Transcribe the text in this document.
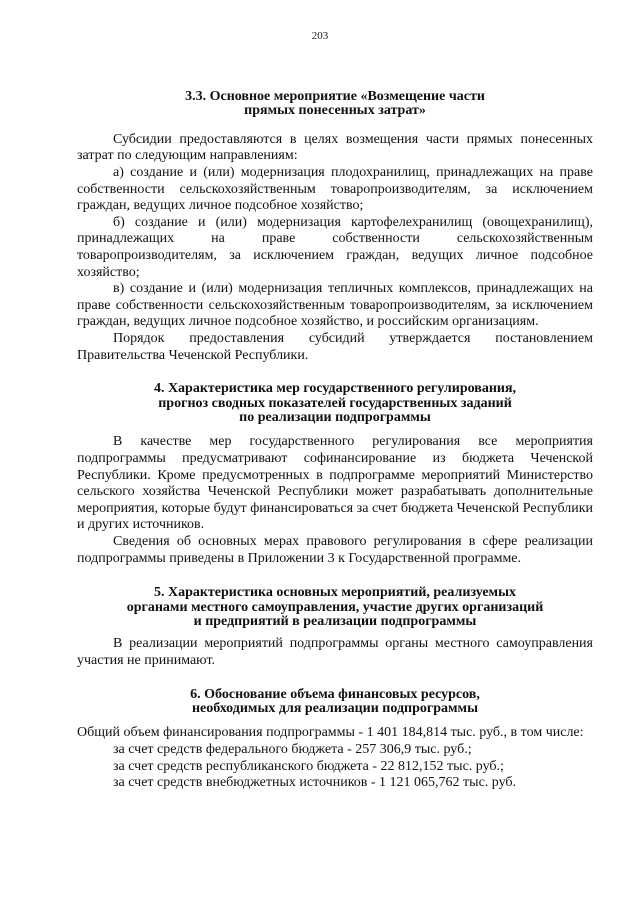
203
3.3. Основное мероприятие «Возмещение части
прямых понесенных затрат»

Субсидии предоставляются в целях возмещения части прямых понесенных затрат по следующим направлениям:

а) создание и (или) модернизация плодохранилищ, принадлежащих на праве собственности сельскохозяйственным товаропроизводителям, за исключением граждан, ведущих личное подсобное хозяйство;

б) создание и (или) модернизация картофелехранилищ (овощехранилищ), принадлежащих на праве собственности сельскохозяйственным товаропроизводителям, за исключением граждан, ведущих личное подсобное хозяйство;

в) создание и (или) модернизация тепличных комплексов, принадлежащих на праве собственности сельскохозяйственным товаропроизводителям, за исключением граждан, ведущих личное подсобное хозяйство, и российским организациям.

Порядок предоставления субсидий утверждается постановлением Правительства Чеченской Республики.

4. Характеристика мер государственного регулирования,
прогноз сводных показателей государственных заданий
по реализации подпрограммы

В качестве мер государственного регулирования все мероприятия подпрограммы предусматривают софинансирование из бюджета Чеченской Республики. Кроме предусмотренных в подпрограмме мероприятий Министерство сельского хозяйства Чеченской Республики может разрабатывать дополнительные мероприятия, которые будут финансироваться за счет бюджета Чеченской Республики и других источников.

Сведения об основных мерах правового регулирования в сфере реализации подпрограммы приведены в Приложении 3 к Государственной программе.

5. Характеристика основных мероприятий, реализуемых
органами местного самоуправления, участие других организаций
и предприятий в реализации подпрограммы

В реализации мероприятий подпрограммы органы местного самоуправления участия не принимают.

6. Обоснование объема финансовых ресурсов,
необходимых для реализации подпрограммы

Общий объем финансирования подпрограммы - 1 401 184,814 тыс. руб., в том числе:

за счет средств федерального бюджета - 257 306,9 тыс. руб.;

за счет средств республиканского бюджета - 22 812,152 тыс. руб.;

за счет средств внебюджетных источников - 1 121 065,762 тыс. руб.
